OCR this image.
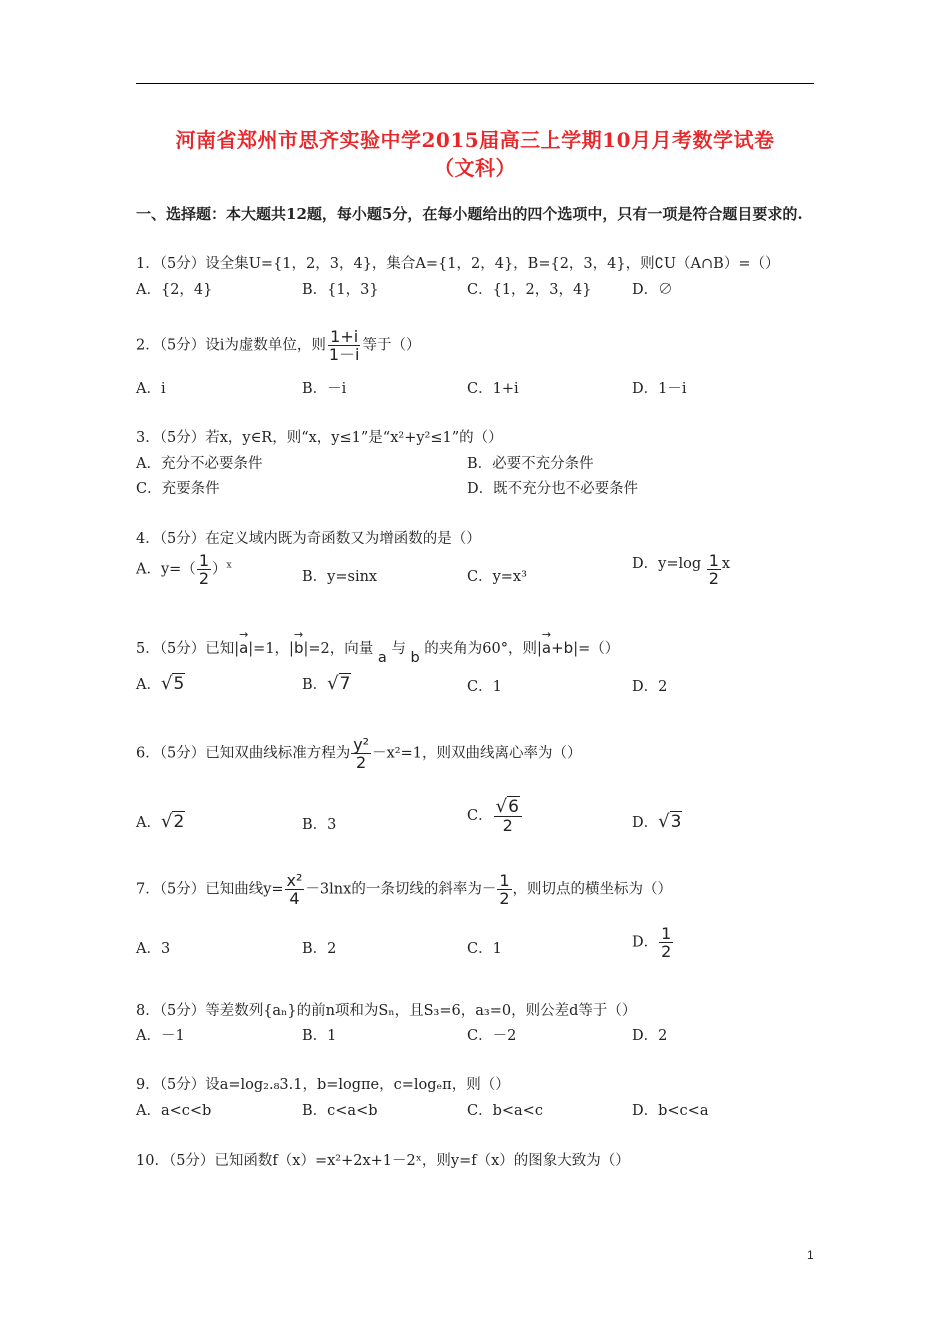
河南省郑州市思齐实验中学2015届高三上学期10月月考数学试卷
（文科）
一、选择题：本大题共12题，每小题5分，在每小题给出的四个选项中，只有一项是符合题目要求的.
1．（5分）设全集U={1，2，3，4}，集合A={1，2，4}，B={2，3，4}，则∁U（A∩B）=（）
A．{2，4}	B．{1，3}	C．{1，2，3，4}	D．∅
2．（5分）设i为虚数单位，则 $\frac{1+i}{1-i}$ 等于（）
A．i	B．－i	C．1+i	D．1－i
3．（5分）若x，y∈R，则“x，y≤1”是“x²+y²≤1”的（）
A．充分不必要条件	B．必要不充分条件
C．充要条件	D．既不充分也不必要条件
4．（5分）在定义域内既为奇函数又为增函数的是（）
A．$y=( \frac{1}{2} )^x$
B．y=sinx	C．y=x³
D．$y=\log \frac{1}{2}$ x
5．（5分）已知|→ a|=1，|→ b|=2，向量 a 与 b 的夹角为60°，则|→ a+b|=（）
A．√5	B．√7	C．1	D．2
6．（5分）已知双曲线标准方程为 $\frac{\text{y²}}{2} -x^2=1$，则双曲线离心率为（）
A．√2	B．3
C． $\frac{√6}{2}$	D．√3
7．（5分）已知曲线$y= \frac{\text{x²}}{4} -3\ln x$的一条切线的斜率为－ $\frac{1}{2}$ ，则切点的横坐标为（）
A．3	B．2	C．1	D． $\frac{1}{2}$
8．（5分）等差数列{aₙ}的前n项和为Sₙ，且S₃=6，a₃=0，则公差d等于（）
A．－1	B．1	C．－2	D．2
9．（5分）设a=log₂.₈3.1，b=logπe，c=logₑπ，则（）
A．a<c<b	B．c<a<b	C．b<a<c	D．b<c<a
10．（5分）已知函数f（x）=x²+2x+1－2ˣ，则y=f（x）的图象大致为（）
1
